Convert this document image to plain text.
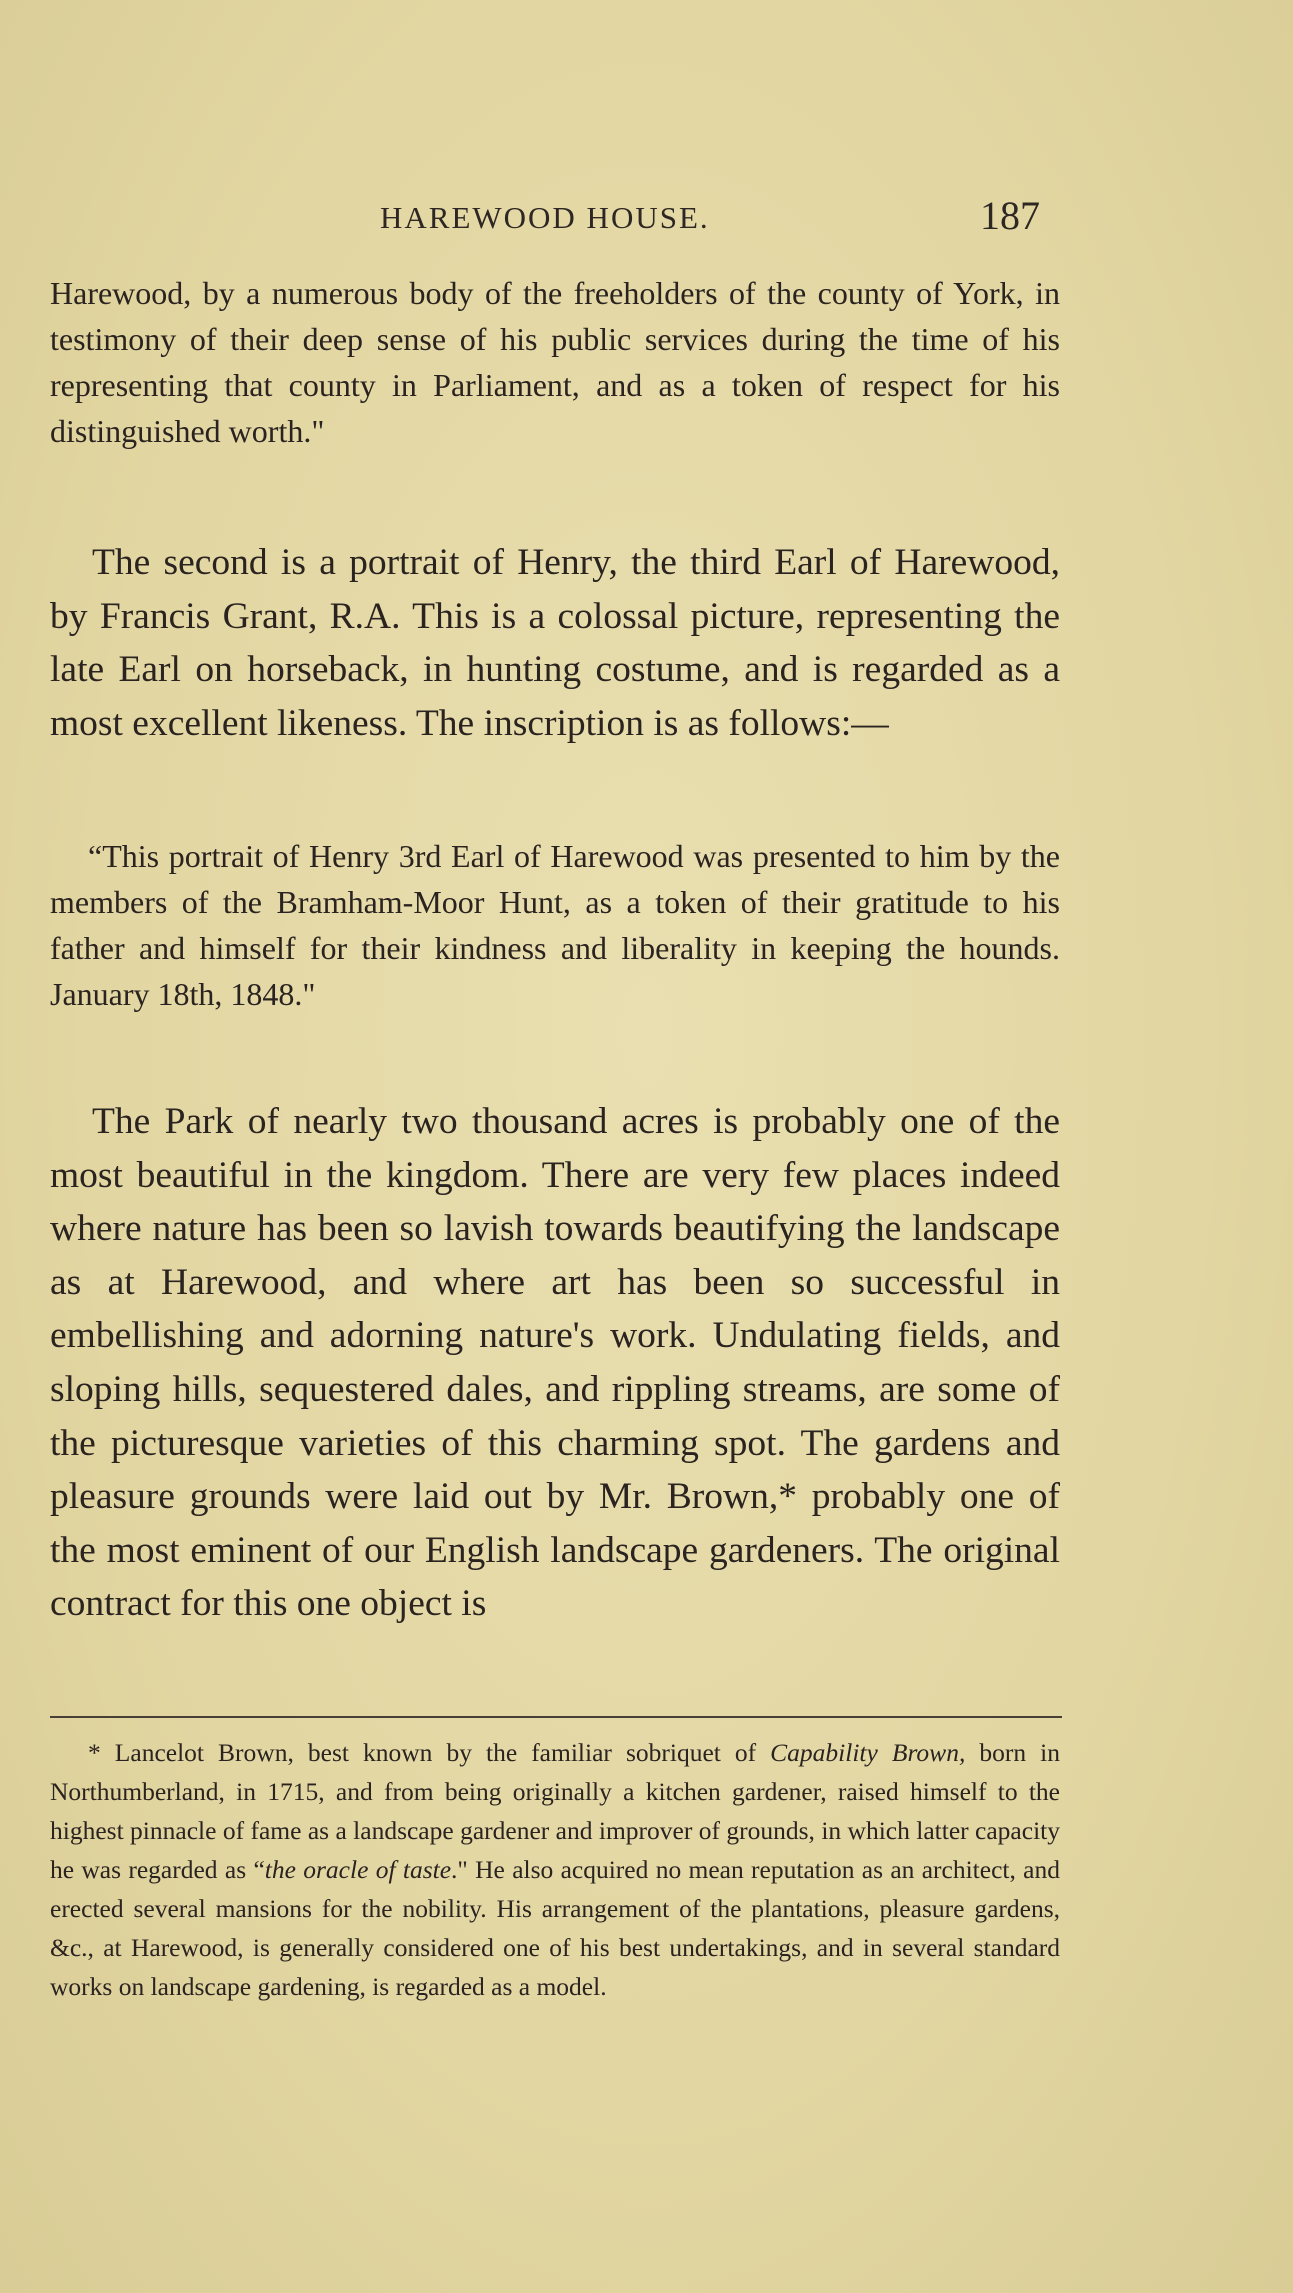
HAREWOOD HOUSE.	187

Harewood, by a numerous body of the freeholders of the county of York, in testimony of their deep sense of his public services during the time of his representing that county in Parliament, and as a token of respect for his distinguished worth."

The second is a portrait of Henry, the third Earl of Harewood, by Francis Grant, R.A. This is a colossal picture, representing the late Earl on horseback, in hunting costume, and is regarded as a most excellent likeness. The inscription is as follows:—

“This portrait of Henry 3rd Earl of Harewood was presented to him by the members of the Bramham-Moor Hunt, as a token of their gratitude to his father and himself for their kindness and liberality in keeping the hounds. January 18th, 1848."

The Park of nearly two thousand acres is probably one of the most beautiful in the kingdom. There are very few places indeed where nature has been so lavish towards beautifying the landscape as at Harewood, and where art has been so successful in embellishing and adorning nature's work. Undulating fields, and sloping hills, sequestered dales, and rippling streams, are some of the picturesque varieties of this charming spot. The gardens and pleasure grounds were laid out by Mr. Brown,* probably one of the most eminent of our English landscape gardeners. The original contract for this one object is

* Lancelot Brown, best known by the familiar sobriquet of Capability Brown, born in Northumberland, in 1715, and from being originally a kitchen gardener, raised himself to the highest pinnacle of fame as a landscape gardener and improver of grounds, in which latter capacity he was regarded as “the oracle of taste." He also acquired no mean reputation as an architect, and erected several mansions for the nobility. His arrangement of the plantations, pleasure gardens, &c., at Harewood, is generally considered one of his best undertakings, and in several standard works on landscape gardening, is regarded as a model.
